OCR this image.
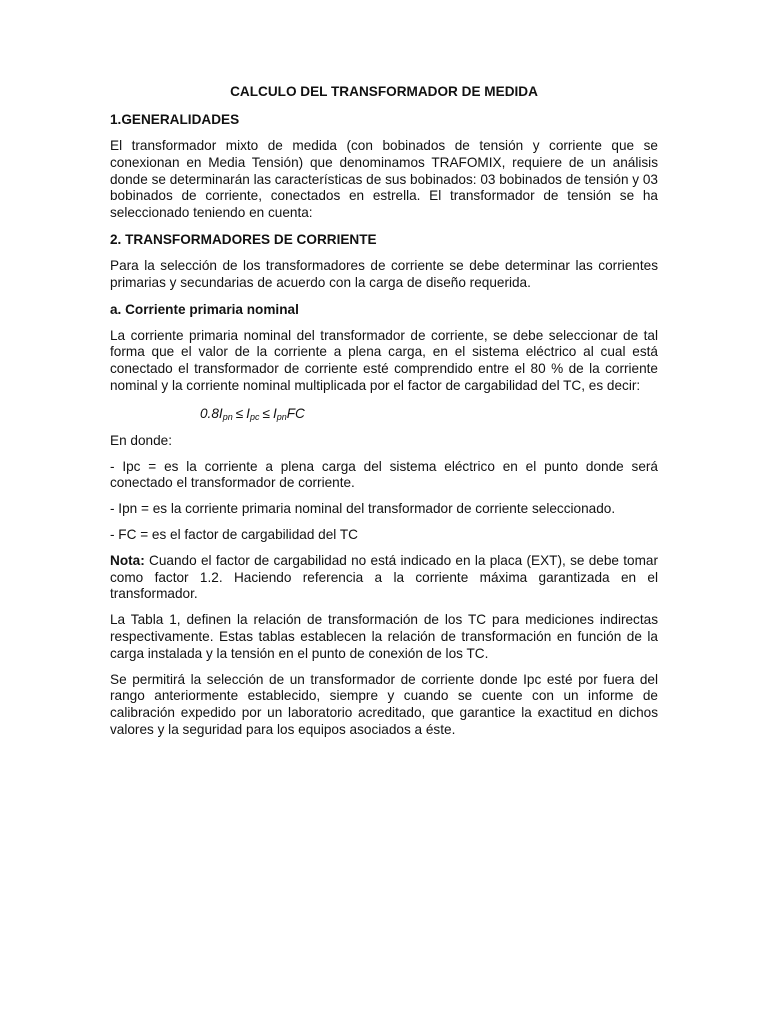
CALCULO DEL TRANSFORMADOR DE MEDIDA
1.GENERALIDADES
El transformador mixto de medida (con bobinados de tensión y corriente que se conexionan en Media Tensión) que denominamos TRAFOMIX, requiere de un análisis donde se determinarán las características de sus bobinados: 03 bobinados de tensión y 03 bobinados de corriente, conectados en estrella. El transformador de tensión se ha seleccionado teniendo en cuenta:
2. TRANSFORMADORES DE CORRIENTE
Para la selección de los transformadores de corriente se debe determinar las corrientes primarias y secundarias de acuerdo con la carga de diseño requerida.
a. Corriente primaria nominal
La corriente primaria nominal del transformador de corriente, se debe seleccionar de tal forma que el valor de la corriente a plena carga, en el sistema eléctrico al cual está conectado el transformador de corriente esté comprendido entre el 80 % de la corriente nominal y la corriente nominal multiplicada por el factor de cargabilidad del TC, es decir:
$0.8I_{pn} \le I_{pc} \le I_{pn}FC$
En donde:
- Ipc = es la corriente a plena carga del sistema eléctrico en el punto donde será conectado el transformador de corriente.
- Ipn = es la corriente primaria nominal del transformador de corriente seleccionado.
- FC = es el factor de cargabilidad del TC
Nota: Cuando el factor de cargabilidad no está indicado en la placa (EXT), se debe tomar como factor 1.2. Haciendo referencia a la corriente máxima garantizada en el transformador.
La Tabla 1, definen la relación de transformación de los TC para mediciones indirectas respectivamente. Estas tablas establecen la relación de transformación en función de la carga instalada y la tensión en el punto de conexión de los TC.
Se permitirá la selección de un transformador de corriente donde Ipc esté por fuera del rango anteriormente establecido, siempre y cuando se cuente con un informe de calibración expedido por un laboratorio acreditado, que garantice la exactitud en dichos valores y la seguridad para los equipos asociados a éste.
